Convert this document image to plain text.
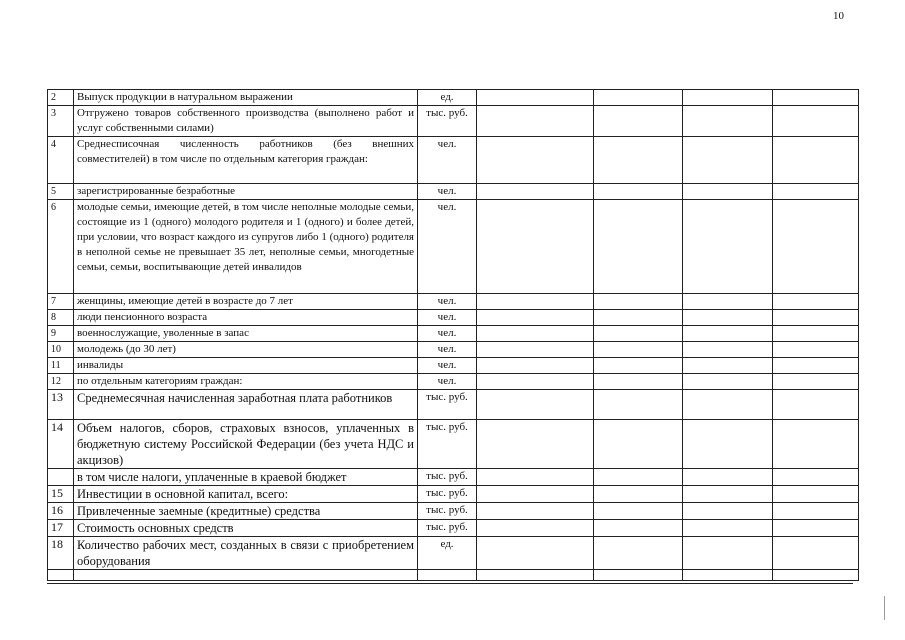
10
2	Выпуск продукции в натуральном выражении	ед.				
3	Отгружено товаров собственного производства (выполнено работ и услуг собственными силами)	тыс. руб.				
4	Среднесписочная численность работников (без внешних совместителей) в том числе по отдельным категория граждан:	чел.				
5	зарегистрированные безработные	чел.				
6	молодые семьи, имеющие детей, в том числе неполные молодые семьи, состоящие из 1 (одного) молодого родителя и 1 (одного) и более детей, при условии, что возраст каждого из супругов либо 1 (одного) родителя в неполной семье не превышает 35 лет, неполные семьи, многодетные семьи, семьи, воспитывающие детей инвалидов	чел.				
7	женщины, имеющие детей в возрасте до 7 лет	чел.				
8	люди пенсионного возраста	чел.				
9	военнослужащие, уволенные в запас	чел.				
10	молодежь (до 30 лет)	чел.				
11	инвалиды	чел.				
12	по отдельным категориям граждан:	чел.				
13	Среднемесячная начисленная заработная плата работников	тыс. руб.				
14	Объем налогов, сборов, страховых взносов, уплаченных в бюджетную систему Российской Федерации (без учета НДС и акцизов)	тыс. руб.				
	в том числе налоги, уплаченные в краевой бюджет	тыс. руб.				
15	Инвестиции в основной капитал, всего:	тыс. руб.				
16	Привлеченные заемные (кредитные) средства	тыс. руб.				
17	Стоимость основных средств	тыс. руб.				
18	Количество рабочих мест, созданных в связи с приобретением оборудования	ед.				
